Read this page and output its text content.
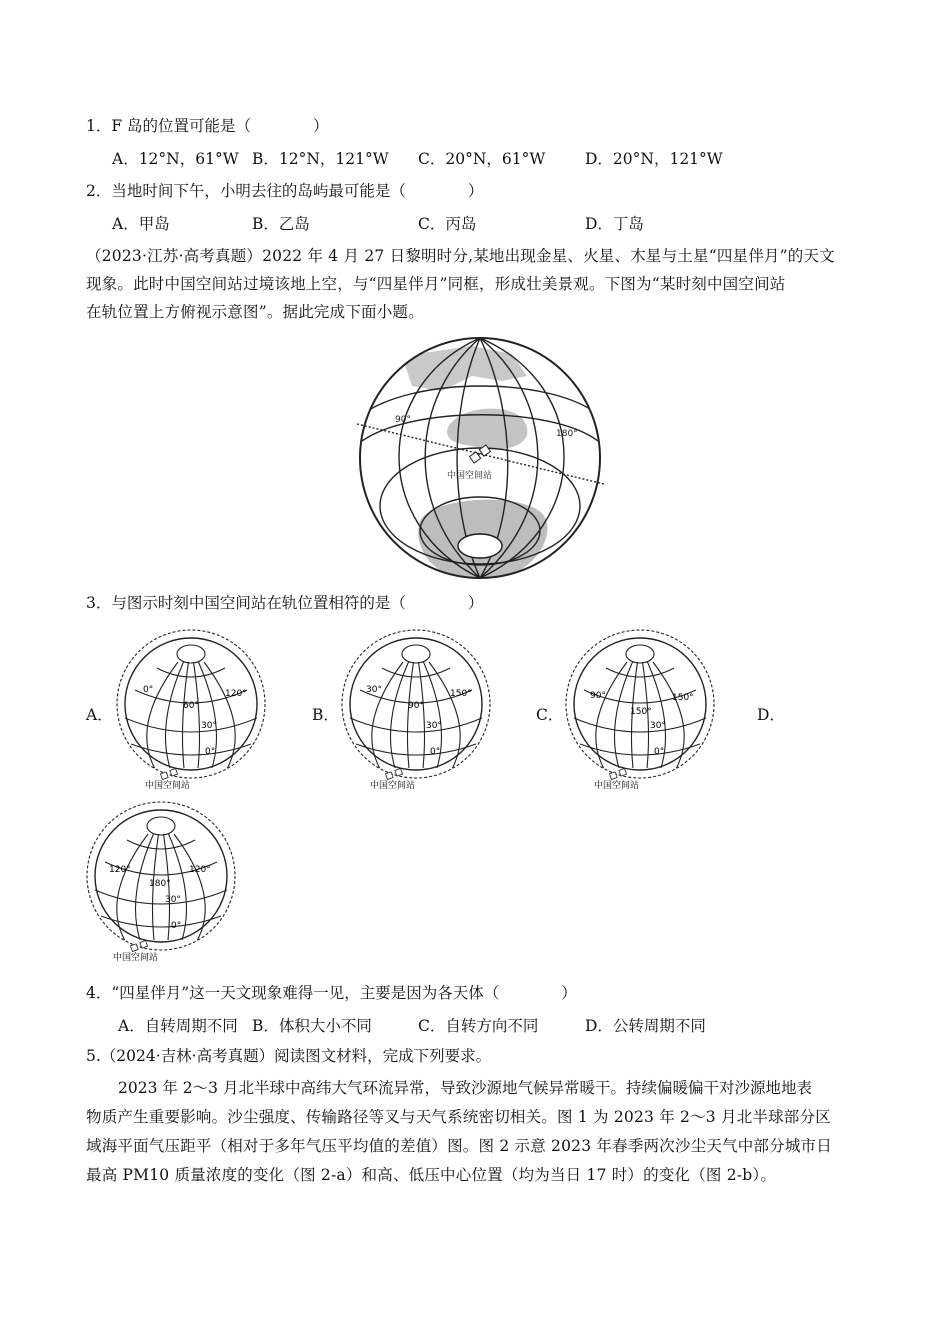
1．F 岛的位置可能是（　　　　）
A．12°N，61°W B．12°N，121°W C．20°N，61°W	D．20°N，121°W
2．当地时间下午，小明去往的岛屿最可能是（　　　　）
A．甲岛	B．乙岛	C．丙岛	D．丁岛
（2023·江苏·高考真题）2022 年 4 月 27 日黎明时分,某地出现金星、火星、木星与土星“四星伴月”的天文
现象。此时中国空间站过境该地上空，与“四星伴月”同框，形成壮美景观。下图为“某时刻中国空间站
在轨位置上方俯视示意图”。据此完成下面小题。
中国空间站
90°
180°
3．与图示时刻中国空间站在轨位置相符的是（　　　　）
A．	B．	C．	D．
0°
60°
120°
30°
0°
中国空间站
30°
90°
150°
30°
0°
中国空间站
90°
150°
150°
30°
0°
中国空间站
120°
180°
120°
30°
0°
中国空间站
4．“四星伴月”这一天文现象难得一见，主要是因为各天体（　　　　）
A．自转周期不同 B．体积大小不同	C．自转方向不同	D．公转周期不同
5.（2024·吉林·高考真题）阅读图文材料，完成下列要求。
2023 年 2～3 月北半球中高纬大气环流异常，导致沙源地气候异常暖干。持续偏暖偏干对沙源地地表
物质产生重要影响。沙尘强度、传输路径等叉与天气系统密切相关。图 1 为 2023 年 2～3 月北半球部分区
域海平面气压距平（相对于多年气压平均值的差值）图。图 2 示意 2023 年春季两次沙尘天气中部分城市日
最高 PM10 质量浓度的变化（图 2-a）和高、低压中心位置（均为当日 17 时）的变化（图 2-b）。
